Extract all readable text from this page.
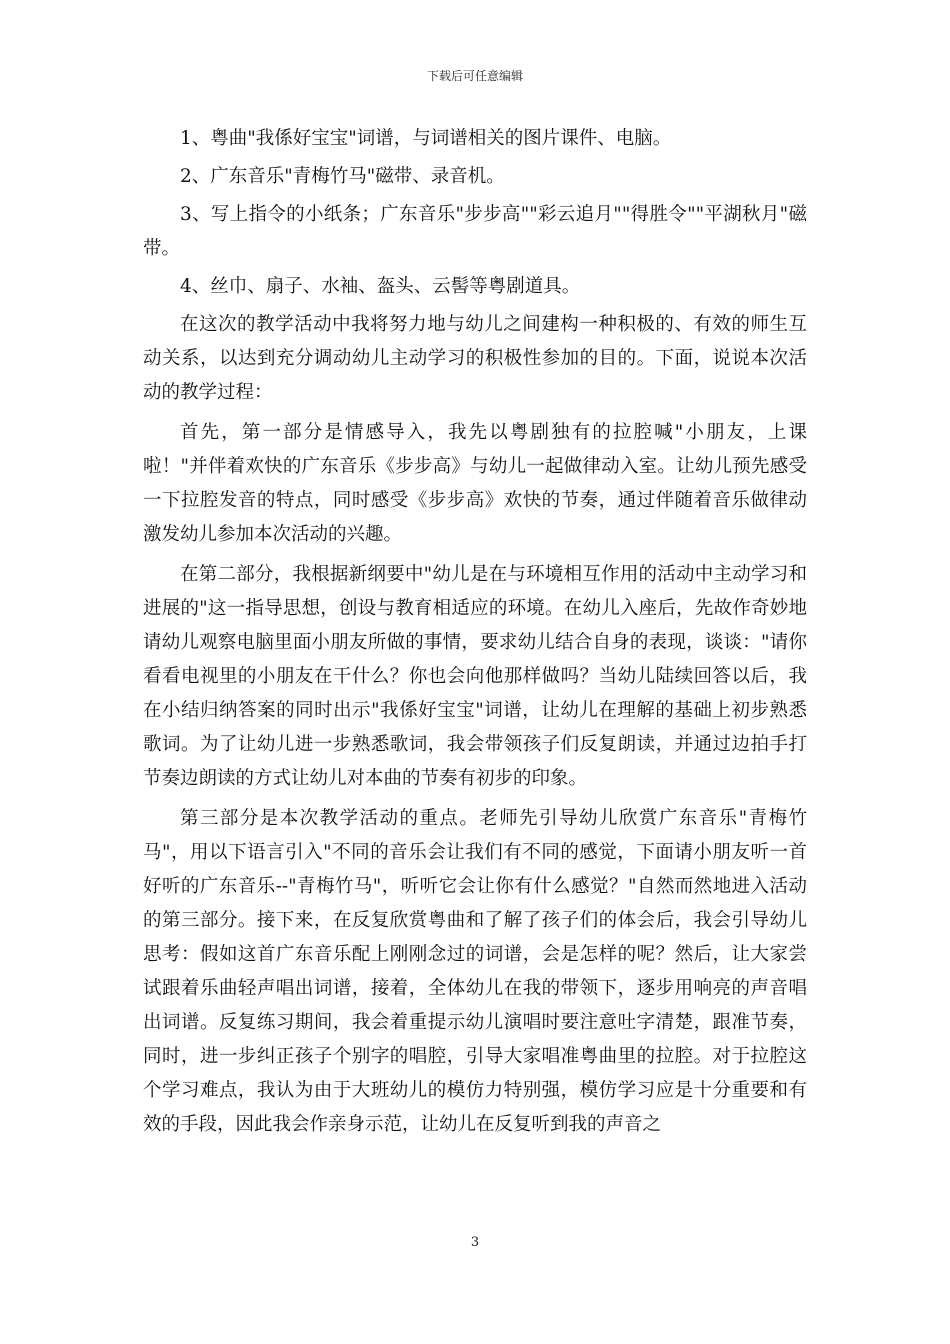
下载后可任意编辑

1、粤曲"我係好宝宝"词谱，与词谱相关的图片课件、电脑。

2、广东音乐"青梅竹马"磁带、录音机。

3、写上指令的小纸条；广东音乐"步步高""彩云追月""得胜令""平湖秋月"磁带。

4、丝巾、扇子、水袖、盔头、云髻等粤剧道具。

在这次的教学活动中我将努力地与幼儿之间建构一种积极的、有效的师生互动关系，以达到充分调动幼儿主动学习的积极性参加的目的。下面，说说本次活动的教学过程：

首先，第一部分是情感导入，我先以粤剧独有的拉腔喊"小朋友，上课啦！"并伴着欢快的广东音乐《步步高》与幼儿一起做律动入室。让幼儿预先感受一下拉腔发音的特点，同时感受《步步高》欢快的节奏，通过伴随着音乐做律动激发幼儿参加本次活动的兴趣。

在第二部分，我根据新纲要中"幼儿是在与环境相互作用的活动中主动学习和进展的"这一指导思想，创设与教育相适应的环境。在幼儿入座后，先故作奇妙地请幼儿观察电脑里面小朋友所做的事情，要求幼儿结合自身的表现，谈谈："请你看看电视里的小朋友在干什么？你也会向他那样做吗？当幼儿陆续回答以后，我在小结归纳答案的同时出示"我係好宝宝"词谱，让幼儿在理解的基础上初步熟悉歌词。为了让幼儿进一步熟悉歌词，我会带领孩子们反复朗读，并通过边拍手打节奏边朗读的方式让幼儿对本曲的节奏有初步的印象。

第三部分是本次教学活动的重点。老师先引导幼儿欣赏广东音乐"青梅竹马"，用以下语言引入"不同的音乐会让我们有不同的感觉，下面请小朋友听一首好听的广东音乐--"青梅竹马"，听听它会让你有什么感觉？"自然而然地进入活动的第三部分。接下来，在反复欣赏粤曲和了解了孩子们的体会后，我会引导幼儿思考：假如这首广东音乐配上刚刚念过的词谱，会是怎样的呢？然后，让大家尝试跟着乐曲轻声唱出词谱，接着，全体幼儿在我的带领下，逐步用响亮的声音唱出词谱。反复练习期间，我会着重提示幼儿演唱时要注意吐字清楚，跟准节奏，同时，进一步纠正孩子个别字的唱腔，引导大家唱准粤曲里的拉腔。对于拉腔这个学习难点，我认为由于大班幼儿的模仿力特别强，模仿学习应是十分重要和有效的手段，因此我会作亲身示范，让幼儿在反复听到我的声音之

3
